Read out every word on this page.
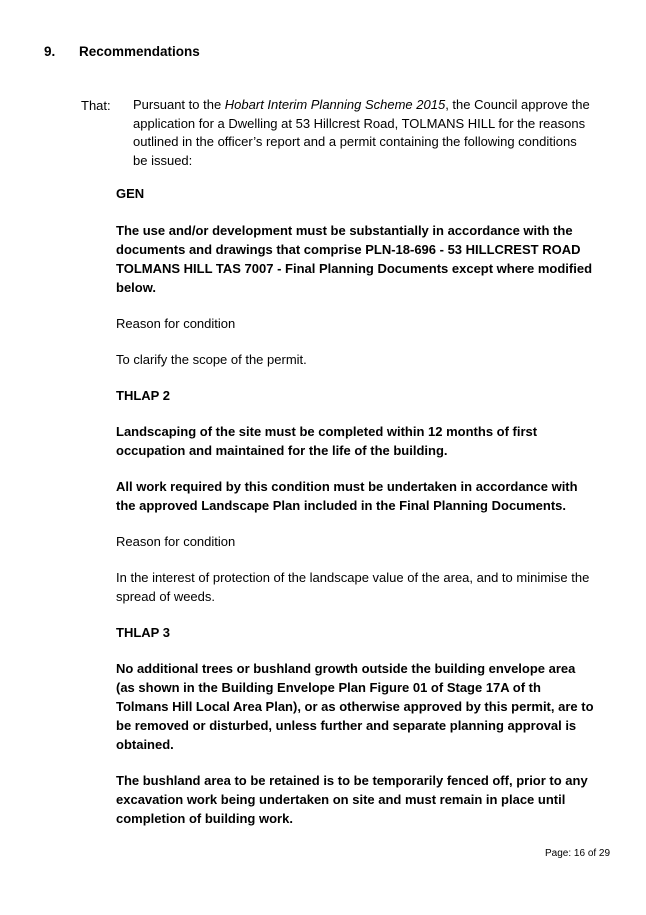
9. Recommendations
That: Pursuant to the Hobart Interim Planning Scheme 2015, the Council approve the application for a Dwelling at 53 Hillcrest Road, TOLMANS HILL for the reasons outlined in the officer’s report and a permit containing the following conditions be issued:

GEN

The use and/or development must be substantially in accordance with the documents and drawings that comprise PLN-18-696 - 53 HILLCREST ROAD TOLMANS HILL TAS 7007 - Final Planning Documents except where modified below.

Reason for condition

To clarify the scope of the permit.

THLAP 2

Landscaping of the site must be completed within 12 months of first occupation and maintained for the life of the building.

All work required by this condition must be undertaken in accordance with the approved Landscape Plan included in the Final Planning Documents.

Reason for condition

In the interest of protection of the landscape value of the area, and to minimise the spread of weeds.

THLAP 3

No additional trees or bushland growth outside the building envelope area (as shown in the Building Envelope Plan Figure 01 of Stage 17A of th Tolmans Hill Local Area Plan), or as otherwise approved by this permit, are to be removed or disturbed, unless further and separate planning approval is obtained.

The bushland area to be retained is to be temporarily fenced off, prior to any excavation work being undertaken on site and must remain in place until completion of building work.

Page: 16 of 29
